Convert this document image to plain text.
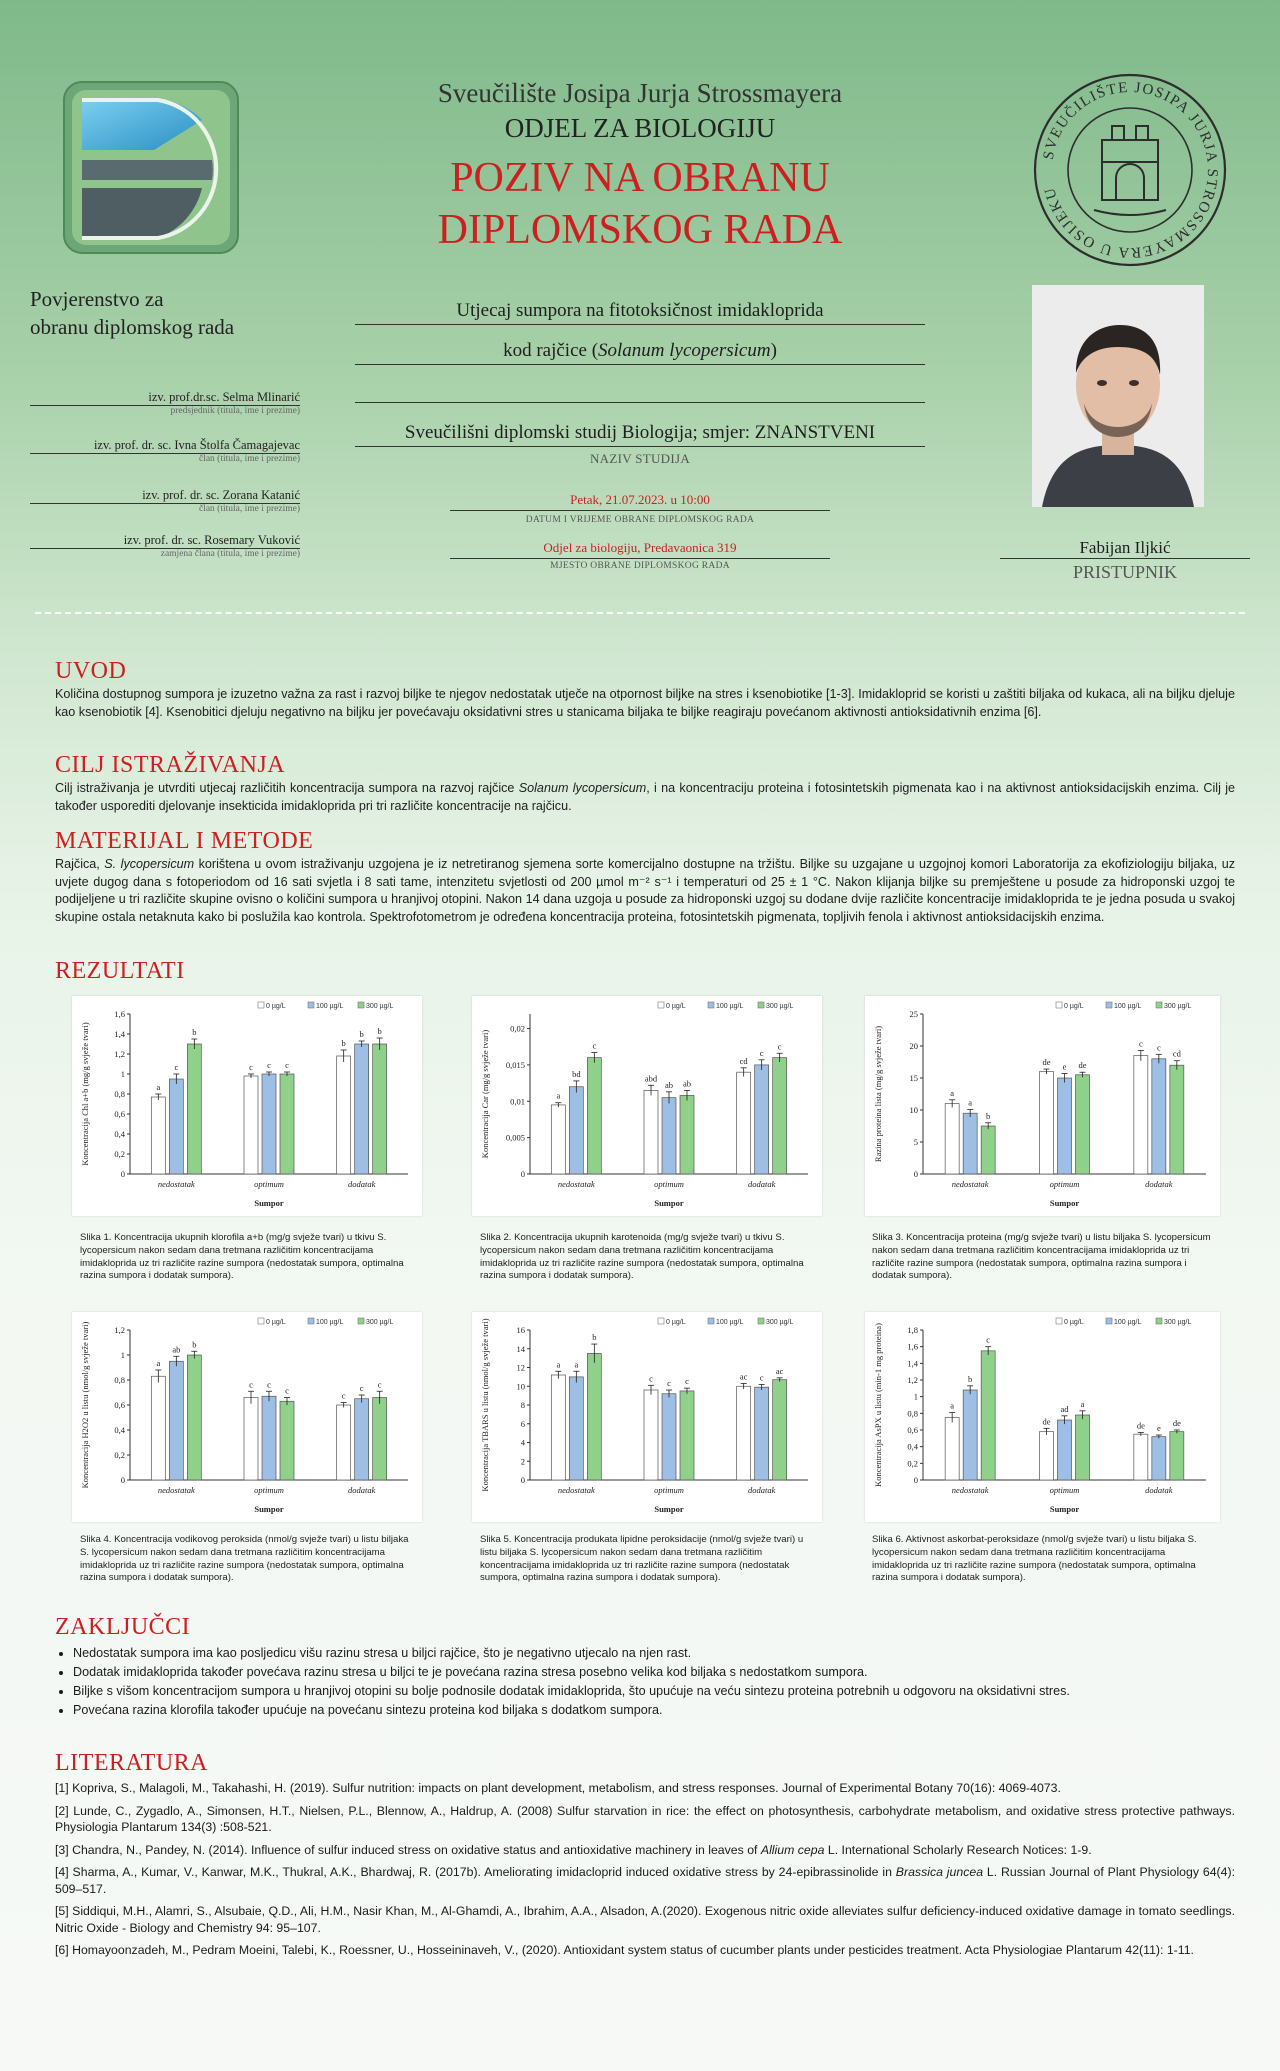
Sveučilište Josipa Jurja Strossmayera
ODJEL ZA BIOLOGIJU
POZIV NA OBRANU
DIPLOMSKOG RADA
SVEUČILIŠTE JOSIPA JURJA STROSSMAYERA U OSIJEKU
Povjerenstvo za
obranu diplomskog rada
izv. prof.dr.sc. Selma Mlinarić
predsjednik (titula, ime i prezime)
izv. prof. dr. sc. Ivna Štolfa Čamagajevac
član (titula, ime i prezime)
izv. prof. dr. sc. Zorana Katanić
član (titula, ime i prezime)
izv. prof. dr. sc. Rosemary Vuković
zamjena člana (titula, ime i prezime)
Utjecaj sumpora na fitotoksičnost imidakloprida
kod rajčice (Solanum lycopersicum)
Sveučilišni diplomski studij Biologija; smjer: ZNANSTVENI
NAZIV STUDIJA
Petak, 21.07.2023. u 10:00
DATUM I VRIJEME OBRANE DIPLOMSKOG RADA
Odjel za biologiju, Predavaonica 319
MJESTO OBRANE DIPLOMSKOG RADA
Fabijan Iljkić
PRISTUPNIK
UVOD
Količina dostupnog sumpora je izuzetno važna za rast i razvoj biljke te njegov nedostatak utječe na otpornost biljke na stres i ksenobiotike [1-3]. Imidakloprid se koristi u zaštiti biljaka od kukaca, ali na biljku djeluje kao ksenobiotik [4]. Ksenobitici djeluju negativno na biljku jer povećavaju oksidativni stres u stanicama biljaka te biljke reagiraju povećanom aktivnosti antioksidativnih enzima [6].
CILJ ISTRAŽIVANJA
Cilj istraživanja je utvrditi utjecaj različitih koncentracija sumpora na razvoj rajčice Solanum lycopersicum, i na koncentraciju proteina i fotosintetskih pigmenata kao i na aktivnost antioksidacijskih enzima. Cilj je također usporediti djelovanje insekticida imidakloprida pri tri različite koncentracije na rajčicu.
MATERIJAL I METODE
Rajčica, S. lycopersicum korištena u ovom istraživanju uzgojena je iz netretiranog sjemena sorte komercijalno dostupne na tržištu. Biljke su uzgajane u uzgojnoj komori Laboratorija za ekofiziologiju biljaka, uz uvjete dugog dana s fotoperiodom od 16 sati svjetla i 8 sati tame, intenzitetu svjetlosti od 200 µmol m⁻² s⁻¹ i temperaturi od 25 ± 1 °C. Nakon klijanja biljke su premještene u posude za hidroponski uzgoj te podijeljene u tri različite skupine ovisno o količini sumpora u hranjivoj otopini. Nakon 14 dana uzgoja u posude za hidroponski uzgoj su dodane dvije različite koncentracije imidakloprida te je jedna posuda u svakoj skupine ostala netaknuta kako bi poslužila kao kontrola. Spektrofotometrom je određena koncentracija proteina, fotosintetskih pigmenata, topljivih fenola i aktivnost antioksidacijskih enzima.
REZULTATI
0
0,2
0,4
0,6
0,8
1
1,2
1,4
1,6
Koncentracija Chl a+b (mg/g svježe tvari)
0 µg/L	100 µg/L	300 µg/L
a
c
b
nedostatak
c c c
optimum
b
b b
dodatak
Sumpor
0
0,005
0,01
0,015
0,02
Koncentracija Car (mg/g svježe tvari)
0 µg/L	100 µg/L	300 µg/L
a
bd
c
nedostatak
abd
ab ab
optimum
cd
c
c
dodatak
Sumpor
0
5
10
15
20
25
Razina proteina lista (mg/g svježe tvari)
0 µg/L	100 µg/L	300 µg/L
a
a
b
nedostatak
de e de
optimum
c c
cd
dodatak
Sumpor
Slika 1. Koncentracija ukupnih klorofila a+b (mg/g svježe tvari) u tkivu S. lycopersicum nakon sedam dana tretmana različitim koncentracijama imidakloprida uz tri različite razine sumpora (nedostatak sumpora, optimalna razina sumpora i dodatak sumpora).
Slika 2. Koncentracija ukupnih karotenoida (mg/g svježe tvari) u tkivu S. lycopersicum nakon sedam dana tretmana različitim koncentracijama imidakloprida uz tri različite razine sumpora (nedostatak sumpora, optimalna razina sumpora i dodatak sumpora).
Slika 3. Koncentracija proteina (mg/g svježe tvari) u listu biljaka S. lycopersicum nakon sedam dana tretmana različitim koncentracijama imidakloprida uz tri različite razine sumpora (nedostatak sumpora, optimalna razina sumpora i dodatak sumpora).
0
0,2
0,4
0,6
0,8
1
1,2
Koncentracija H2O2 u listu (nmol/g svježe tvari)	0 µg/L	100 µg/L	300 µg/L
a
ab b
nedostatak
c c
c
optimum
c
c c
dodatak
Sumpor
0
2
4
6
8
10
12
14
16
Koncentracija TBARS u listu (nmol/g svježe tvari)	0 µg/L	100 µg/L	300 µg/L
a a
b
nedostatak
c c c
optimum
ac c
ac
dodatak
Sumpor
0
0,2
0,4
0,6
0,8
1
1,2
1,4
1,6
1,8
Koncentracija AsPX u listu (min-1 mg proteina)
0 µg/L	100 µg/L	300 µg/L
a
b
c
nedostatak
de
ad a
optimum
de e de
dodatak
Sumpor
Slika 4. Koncentracija vodikovog peroksida (nmol/g svježe tvari) u listu biljaka S. lycopersicum nakon sedam dana tretmana različitim koncentracijama imidakloprida uz tri različite razine sumpora (nedostatak sumpora, optimalna razina sumpora i dodatak sumpora).
Slika 5. Koncentracija produkata lipidne peroksidacije (nmol/g svježe tvari) u listu biljaka S. lycopersicum nakon sedam dana tretmana različitim koncentracijama imidakloprida uz tri različite razine sumpora (nedostatak sumpora, optimalna razina sumpora i dodatak sumpora).
Slika 6. Aktivnost askorbat-peroksidaze (nmol/g svježe tvari) u listu biljaka S. lycopersicum nakon sedam dana tretmana različitim koncentracijama imidakloprida uz tri različite razine sumpora (nedostatak sumpora, optimalna razina sumpora i dodatak sumpora).
ZAKLJUČCI
• Nedostatak sumpora ima kao posljedicu višu razinu stresa u biljci rajčice, što je negativno utjecalo na njen rast.
• Dodatak imidakloprida također povećava razinu stresa u biljci te je povećana razina stresa posebno velika kod biljaka s nedostatkom sumpora.
• Biljke s višom koncentracijom sumpora u hranjivoj otopini su bolje podnosile dodatak imidakloprida, što upućuje na veću sintezu proteina potrebnih u odgovoru na oksidativni stres.
• Povećana razina klorofila također upućuje na povećanu sintezu proteina kod biljaka s dodatkom sumpora.
LITERATURA
[1] Kopriva, S., Malagoli, M., Takahashi, H. (2019). Sulfur nutrition: impacts on plant development, metabolism, and stress responses. Journal of Experimental Botany 70(16): 4069-4073.
[2] Lunde, C., Zygadlo, A., Simonsen, H.T., Nielsen, P.L., Blennow, A., Haldrup, A. (2008) Sulfur starvation in rice: the effect on photosynthesis, carbohydrate metabolism, and oxidative stress protective pathways. Physiologia Plantarum 134(3) :508-521.
[3] Chandra, N., Pandey, N. (2014). Influence of sulfur induced stress on oxidative status and antioxidative machinery in leaves of Allium cepa L. International Scholarly Research Notices: 1-9.
[4] Sharma, A., Kumar, V., Kanwar, M.K., Thukral, A.K., Bhardwaj, R. (2017b). Ameliorating imidacloprid induced oxidative stress by 24-epibrassinolide in Brassica juncea L. Russian Journal of Plant Physiology 64(4): 509–517.
[5] Siddiqui, M.H., Alamri, S., Alsubaie, Q.D., Ali, H.M., Nasir Khan, M., Al-Ghamdi, A., Ibrahim, A.A., Alsadon, A.(2020). Exogenous nitric oxide alleviates sulfur deficiency-induced oxidative damage in tomato seedlings. Nitric Oxide - Biology and Chemistry 94: 95–107.
[6] Homayoonzadeh, M., Pedram Moeini, Talebi, K., Roessner, U., Hosseininaveh, V., (2020). Antioxidant system status of cucumber plants under pesticides treatment. Acta Physiologiae Plantarum 42(11): 1-11.
